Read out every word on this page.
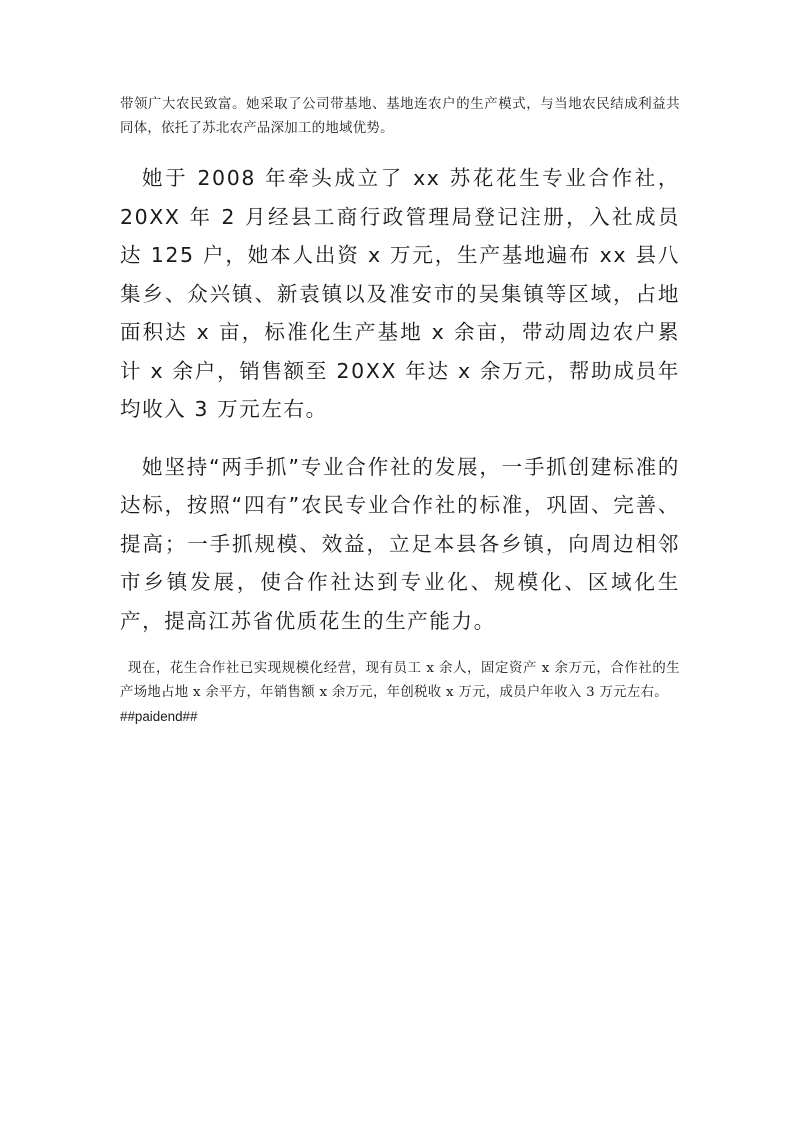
带领广大农民致富。她采取了公司带基地、基地连农户的生产模式，与当地农民结成利益共同体，依托了苏北农产品深加工的地域优势。

她于 2008 年牵头成立了 xx 苏花花生专业合作社，20XX 年 2 月经县工商行政管理局登记注册，入社成员达 125 户，她本人出资 x 万元，生产基地遍布 xx 县八集乡、众兴镇、新袁镇以及准安市的吴集镇等区域，占地面积达 x 亩，标准化生产基地 x 余亩，带动周边农户累计 x 余户，销售额至 20XX 年达 x 余万元，帮助成员年均收入 3 万元左右。

她坚持“两手抓”专业合作社的发展，一手抓创建标准的达标，按照“四有”农民专业合作社的标准，巩固、完善、提高；一手抓规模、效益，立足本县各乡镇，向周边相邻市乡镇发展，使合作社达到专业化、规模化、区域化生产，提高江苏省优质花生的生产能力。

现在，花生合作社已实现规模化经营，现有员工 x 余人，固定资产 x 余万元，合作社的生产场地占地 x 余平方，年销售额 x 余万元，年创税收 x 万元，成员户年收入 3 万元左右。

##paidend##
